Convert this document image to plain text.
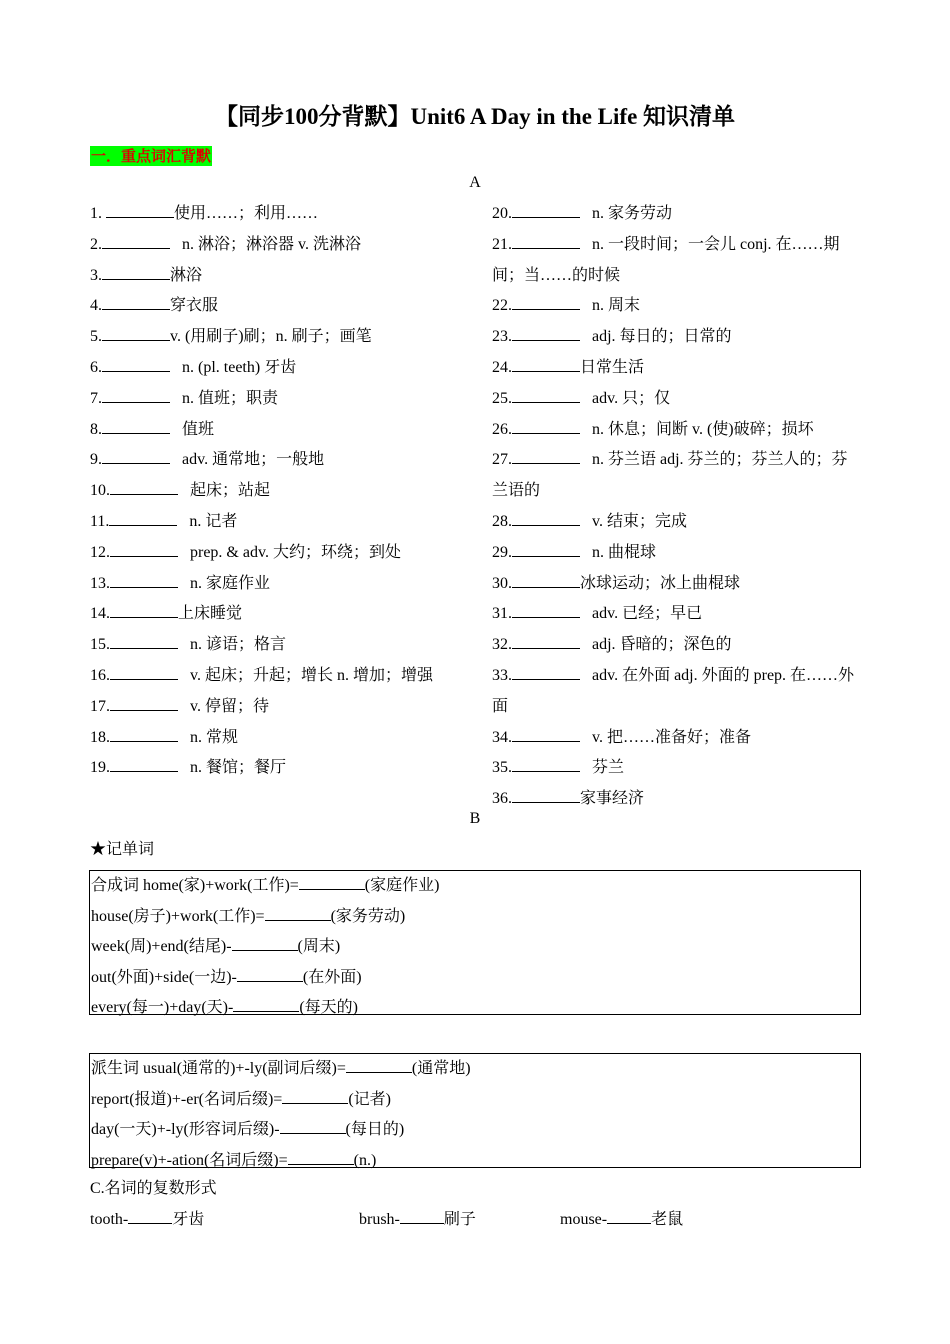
【同步100分背默】Unit6 A Day in the Life 知识清单
一．重点词汇背默
A
1.	使用……；利用……
2.	n. 淋浴；淋浴器 v. 洗淋浴
3.	淋浴
4.	穿衣服
5.	v. (用刷子)刷；n. 刷子；画笔
6.	n. (pl. teeth) 牙齿
7.	n. 值班；职责
8.	值班
9.	adv. 通常地；一般地
10.	起床；站起
11.	n. 记者
12.	prep. & adv. 大约；环绕；到处
13.	n. 家庭作业
14.	上床睡觉
15.	n. 谚语；格言
16.	v. 起床；升起；增长 n. 增加；增强
17.	v. 停留；待
18.	n. 常规
19.	n. 餐馆；餐厅
20.	n. 家务劳动
21.	n. 一段时间；一会儿 conj. 在……期间；当……的时候
22.	n. 周末
23.	adj. 每日的；日常的
24.	日常生活
25.	adv. 只；仅
26.	n. 休息；间断 v. (使)破碎；损坏
27.	n. 芬兰语 adj. 芬兰的；芬兰人的；芬兰语的
28.	v. 结束；完成
29.	n. 曲棍球
30.	冰球运动；冰上曲棍球
31.	adv. 已经；早已
32.	adj. 昏暗的；深色的
33.	adv. 在外面 adj. 外面的 prep. 在……外面
34.	v. 把……准备好；准备
35.	芬兰
36.	家事经济
B
★记单词
合成词 home(家)+work(工作)=	(家庭作业)
house(房子)+work(工作)=	(家务劳动)
week(周)+end(结尾)-	(周末)
out(外面)+side(一边)-	(在外面)
every(每一)+day(天)-	(每天的)
派生词 usual(通常的)+-ly(副词后缀)=	(通常地)
report(报道)+-er(名词后缀)=	(记者)
day(一天)+-ly(形容词后缀)-	(每日的)
prepare(v)+-ation(名词后缀)=	(n.)
C.名词的复数形式
tooth-	牙齿	brush-	刷子	mouse-	老鼠
